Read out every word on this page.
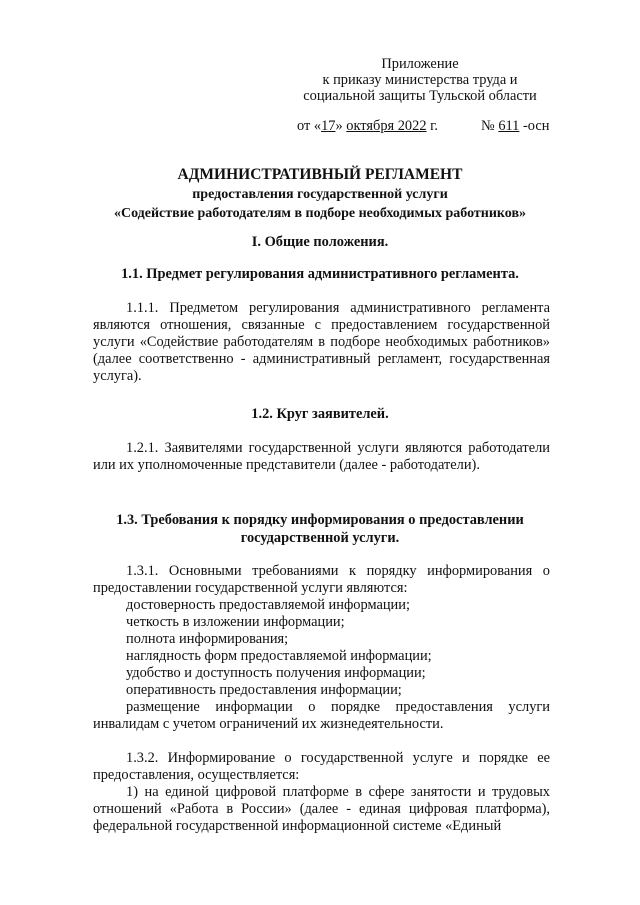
Приложение
к приказу министерства труда и
социальной защиты Тульской области
от «17» октября 2022 г.	№ 611 -осн
АДМИНИСТРАТИВНЫЙ РЕГЛАМЕНТ
предоставления государственной услуги
«Содействие работодателям в подборе необходимых работников»
I. Общие положения.
1.1. Предмет регулирования административного регламента.
1.1.1. Предметом регулирования административного регламента являются отношения, связанные с предоставлением государственной услуги «Содействие работодателям в подборе необходимых работников» (далее соответственно - административный регламент, государственная услуга).
1.2. Круг заявителей.
1.2.1. Заявителями государственной услуги являются работодатели или их уполномоченные представители (далее - работодатели).
1.3. Требования к порядку информирования о предоставлении
государственной услуги.
1.3.1. Основными требованиями к порядку информирования о предоставлении государственной услуги являются:
достоверность предоставляемой информации;
четкость в изложении информации;
полнота информирования;
наглядность форм предоставляемой информации;
удобство и доступность получения информации;
оперативность предоставления информации;
размещение информации о порядке предоставления услуги инвалидам с учетом ограничений их жизнедеятельности.
1.3.2. Информирование о государственной услуге и порядке ее предоставления, осуществляется:
1) на единой цифровой платформе в сфере занятости и трудовых отношений «Работа в России» (далее - единая цифровая платформа), федеральной государственной информационной системе «Единый
